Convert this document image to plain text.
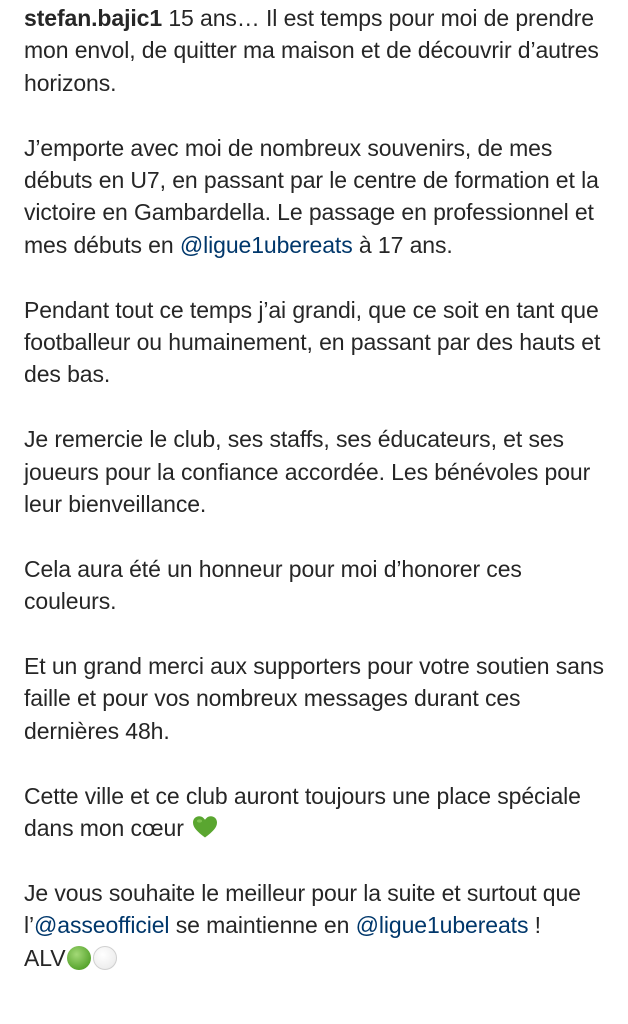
stefan.bajic1 15 ans… Il est temps pour moi de prendre mon envol, de quitter ma maison et de découvrir d’autres horizons.

J’emporte avec moi de nombreux souvenirs, de mes débuts en U7, en passant par le centre de formation et la victoire en Gambardella. Le passage en professionnel et mes débuts en @ligue1ubereats à 17 ans.

Pendant tout ce temps j’ai grandi, que ce soit en tant que footballeur ou humainement, en passant par des hauts et des bas.

Je remercie le club, ses staffs, ses éducateurs, et ses joueurs pour la confiance accordée. Les bénévoles pour leur bienveillance.

Cela aura été un honneur pour moi d’honorer ces couleurs.

Et un grand merci aux supporters pour votre soutien sans faille et pour vos nombreux messages durant ces dernières 48h.

Cette ville et ce club auront toujours une place spéciale dans mon cœur

Je vous souhaite le meilleur pour la suite et surtout que l’@asseofficiel se maintienne en @ligue1ubereats !
ALV
